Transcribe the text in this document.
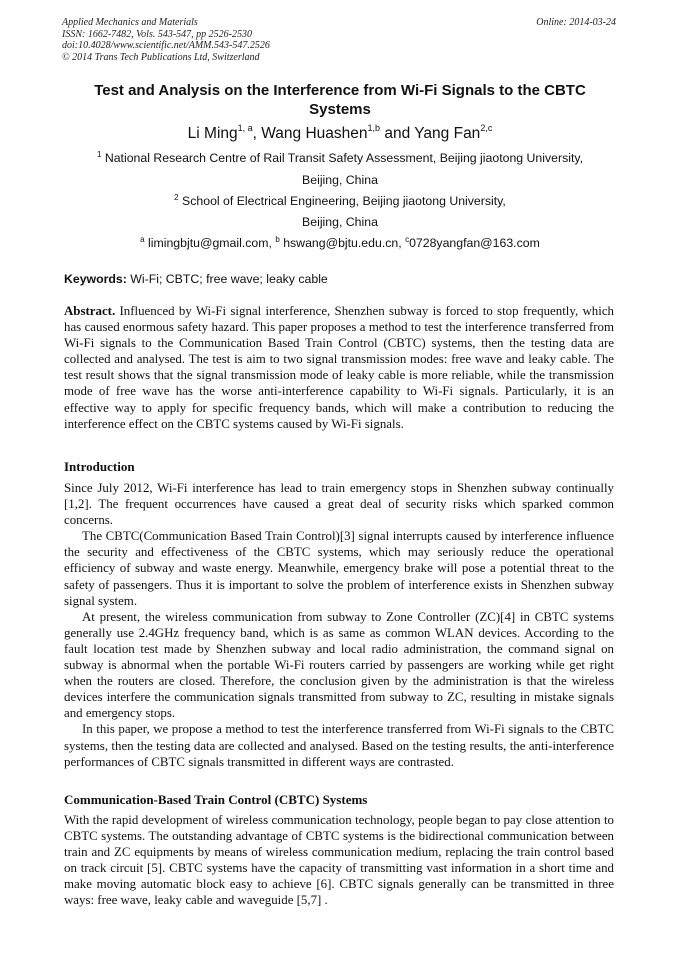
Applied Mechanics and Materials
ISSN: 1662-7482, Vols. 543-547, pp 2526-2530
doi:10.4028/www.scientific.net/AMM.543-547.2526
© 2014 Trans Tech Publications Ltd, Switzerland
Online: 2014-03-24
Test and Analysis on the Interference from Wi-Fi Signals to the CBTC
Systems
Li Ming$^{1, a}$, Wang Huashen$^{1,b}$ and Yang Fan$^{2,c}$
$^1$ National Research Centre of Rail Transit Safety Assessment, Beijing jiaotong University,
Beijing, China
$^2$ School of Electrical Engineering, Beijing jiaotong University,
Beijing, China
$^a$ limingbjtu@gmail.com, $^b$ hswang@bjtu.edu.cn, $^c$0728yangfan@163.com
Keywords: Wi-Fi; CBTC; free wave; leaky cable

Abstract. Influenced by Wi-Fi signal interference, Shenzhen subway is forced to stop frequently, which has caused enormous safety hazard. This paper proposes a method to test the interference transferred from Wi-Fi signals to the Communication Based Train Control (CBTC) systems, then the testing data are collected and analysed. The test is aim to two signal transmission modes: free wave and leaky cable. The test result shows that the signal transmission mode of leaky cable is more reliable, while the transmission mode of free wave has the worse anti-interference capability to Wi-Fi signals. Particularly, it is an effective way to apply for specific frequency bands, which will make a contribution to reducing the interference effect on the CBTC systems caused by Wi-Fi signals.

Introduction

Since July 2012, Wi-Fi interference has lead to train emergency stops in Shenzhen subway continually [1,2]. The frequent occurrences have caused a great deal of security risks which sparked common concerns.

The CBTC(Communication Based Train Control)[3] signal interrupts caused by interference influence the security and effectiveness of the CBTC systems, which may seriously reduce the operational efficiency of subway and waste energy. Meanwhile, emergency brake will pose a potential threat to the safety of passengers. Thus it is important to solve the problem of interference exists in Shenzhen subway signal system.

At present, the wireless communication from subway to Zone Controller (ZC)[4] in CBTC systems generally use 2.4GHz frequency band, which is as same as common WLAN devices. According to the fault location test made by Shenzhen subway and local radio administration, the command signal on subway is abnormal when the portable Wi-Fi routers carried by passengers are working while get right when the routers are closed. Therefore, the conclusion given by the administration is that the wireless devices interfere the communication signals transmitted from subway to ZC, resulting in mistake signals and emergency stops.

In this paper, we propose a method to test the interference transferred from Wi-Fi signals to the CBTC systems, then the testing data are collected and analysed. Based on the testing results, the anti-interference performances of CBTC signals transmitted in different ways are contrasted.

Communication-Based Train Control (CBTC) Systems

With the rapid development of wireless communication technology, people began to pay close attention to CBTC systems. The outstanding advantage of CBTC systems is the bidirectional communication between train and ZC equipments by means of wireless communication medium, replacing the train control based on track circuit [5]. CBTC systems have the capacity of transmitting vast information in a short time and make moving automatic block easy to achieve [6]. CBTC signals generally can be transmitted in three ways: free wave, leaky cable and waveguide [5,7] .
